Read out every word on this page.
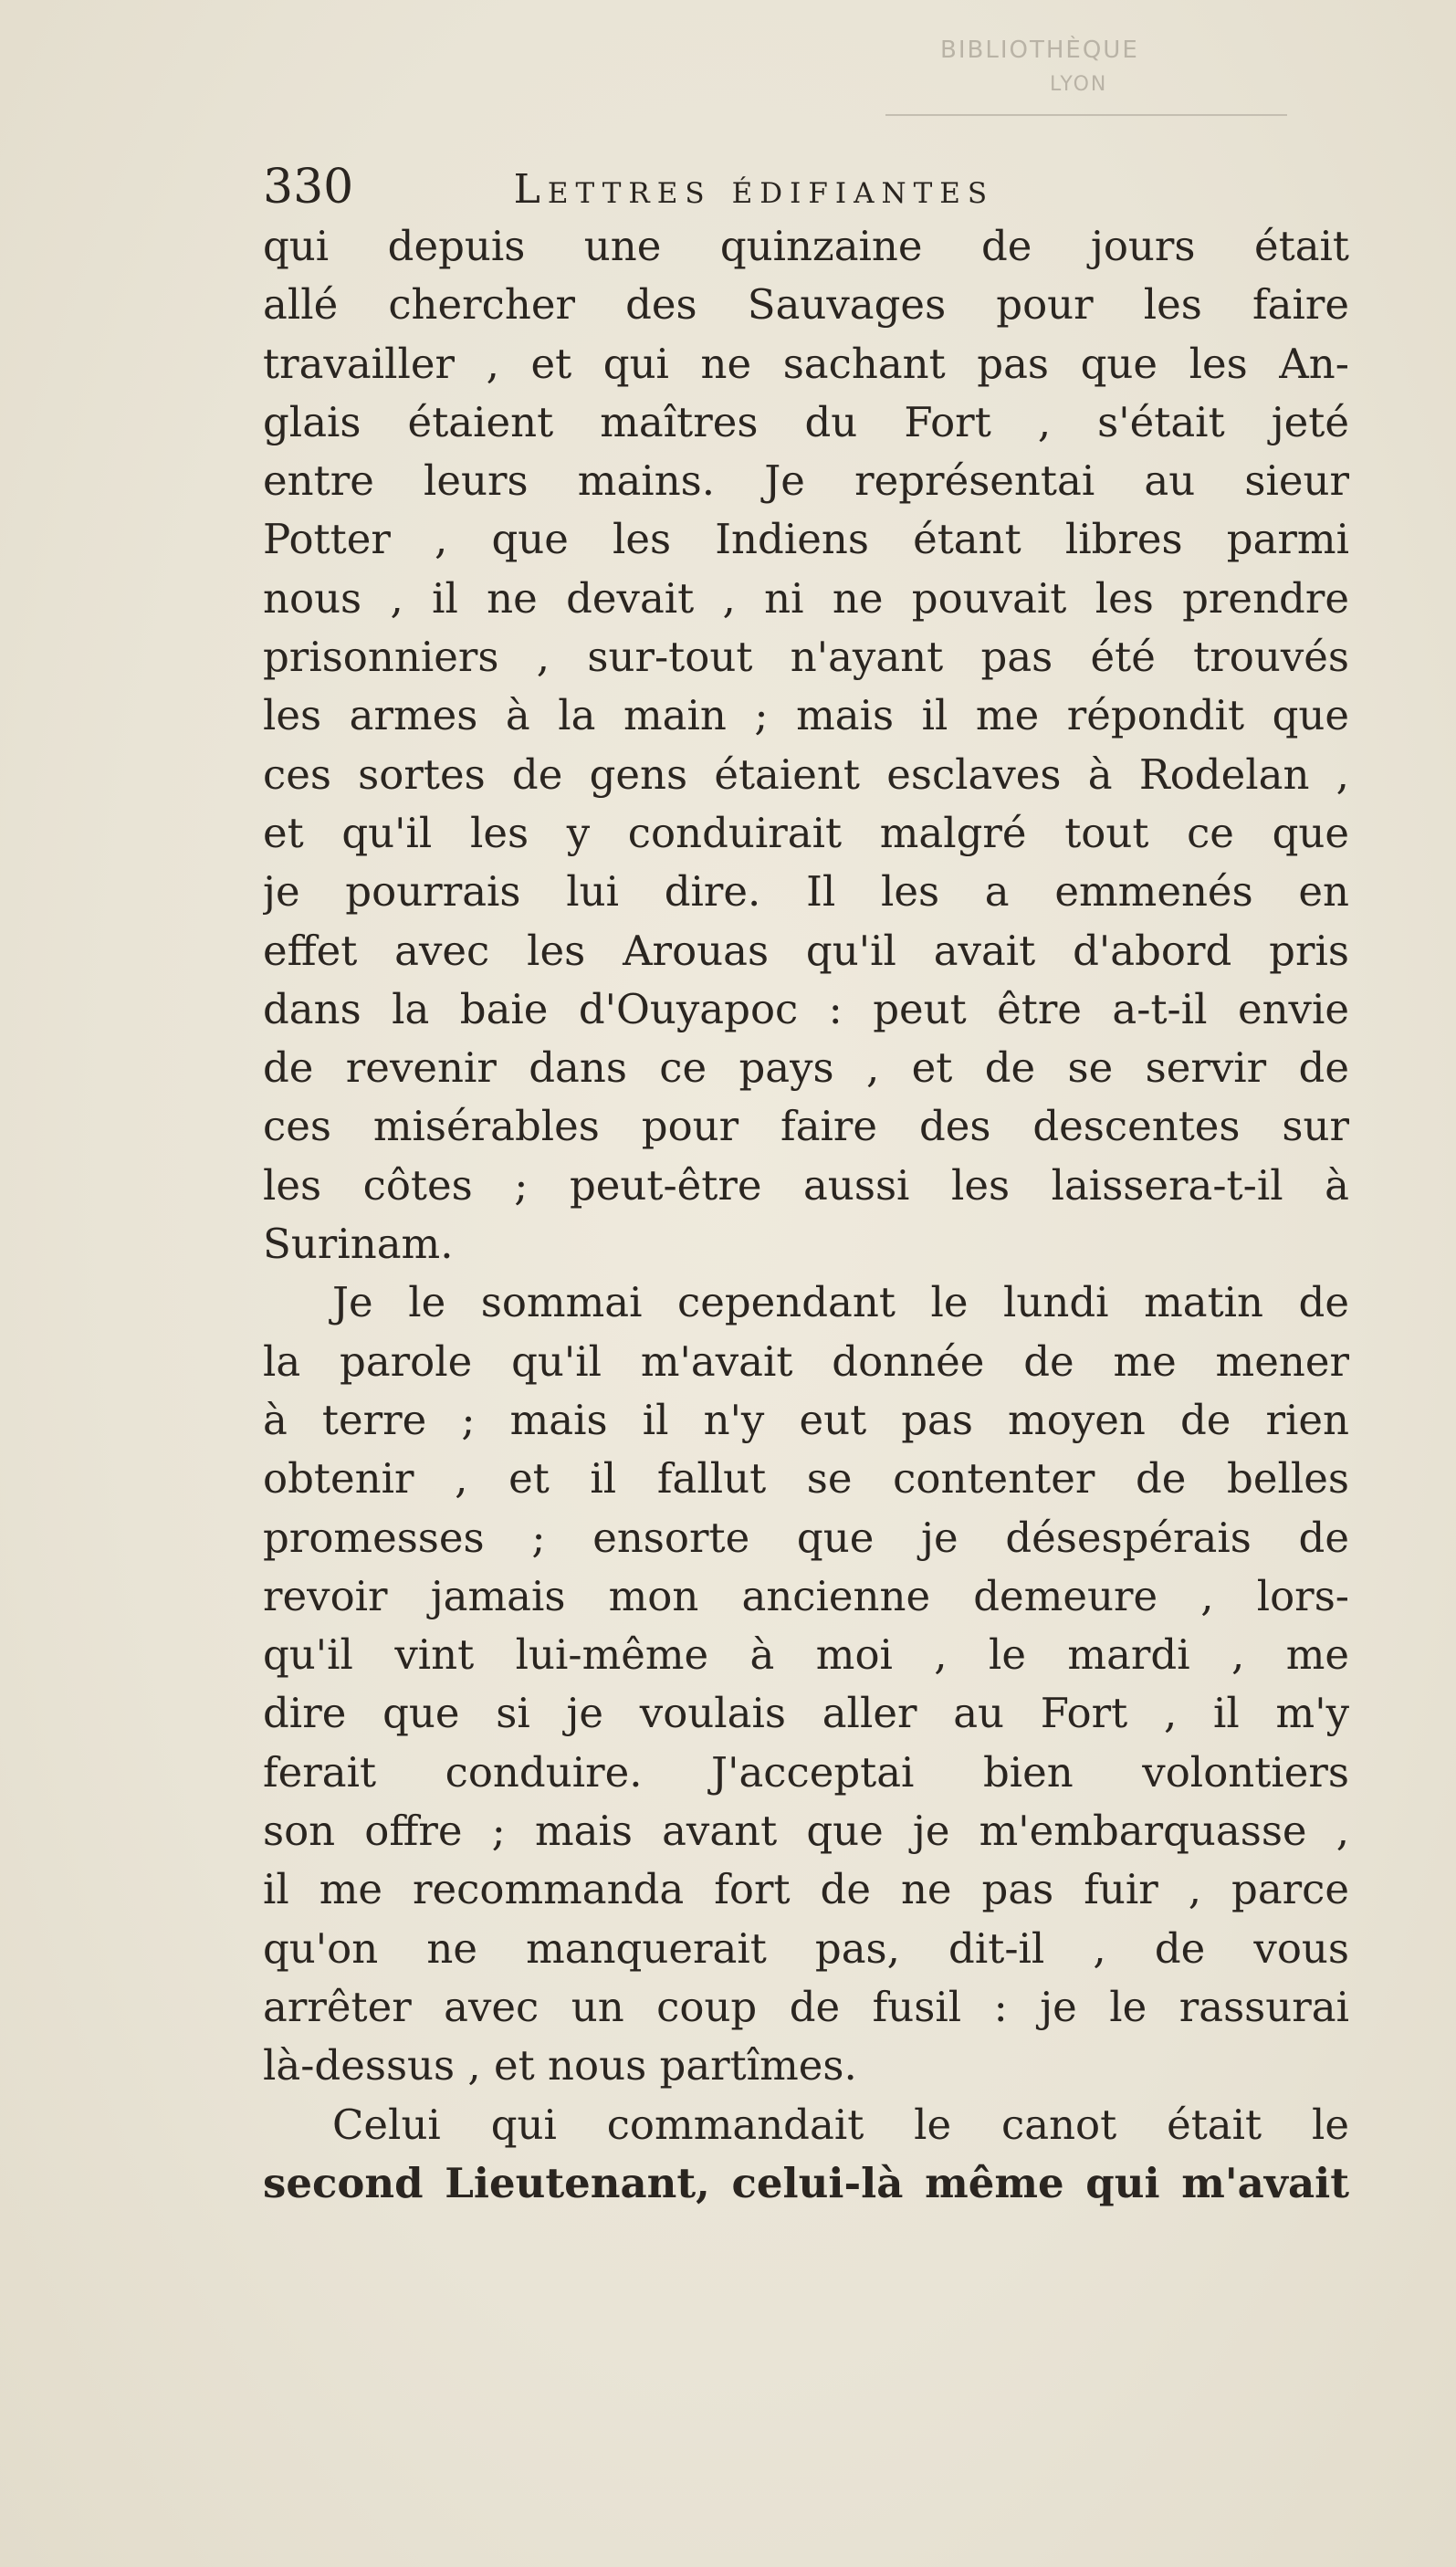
BIBLIOTHÈQUE
LYON
330	Lettres édifiantes
qui depuis une quinzaine de jours était
allé chercher des Sauvages pour les faire
travailler , et qui ne sachant pas que les An-
glais étaient maîtres du Fort , s'était jeté
entre leurs mains. Je représentai au sieur
Potter , que les Indiens étant libres parmi
nous , il ne devait , ni ne pouvait les prendre
prisonniers , sur-tout n'ayant pas été trouvés
les armes à la main ; mais il me répondit que
ces sortes de gens étaient esclaves à Rodelan ,
et qu'il les y conduirait malgré tout ce que
je pourrais lui dire. Il les a emmenés en
effet avec les Arouas qu'il avait d'abord pris
dans la baie d'Ouyapoc : peut être a-t-il envie
de revenir dans ce pays , et de se servir de
ces misérables pour faire des descentes sur
les côtes ; peut-être aussi les laissera-t-il à
Surinam.
Je le sommai cependant le lundi matin de
la parole qu'il m'avait donnée de me mener
à terre ; mais il n'y eut pas moyen de rien
obtenir , et il fallut se contenter de belles
promesses ; ensorte que je désespérais de
revoir jamais mon ancienne demeure , lors-
qu'il vint lui-même à moi , le mardi , me
dire que si je voulais aller au Fort , il m'y
ferait conduire. J'acceptai bien volontiers
son offre ; mais avant que je m'embarquasse ,
il me recommanda fort de ne pas fuir , parce
qu'on ne manquerait pas, dit-il , de vous
arrêter avec un coup de fusil : je le rassurai
là-dessus , et nous partîmes.
Celui qui commandait le canot était le
second Lieutenant, celui-là même qui m'avait
